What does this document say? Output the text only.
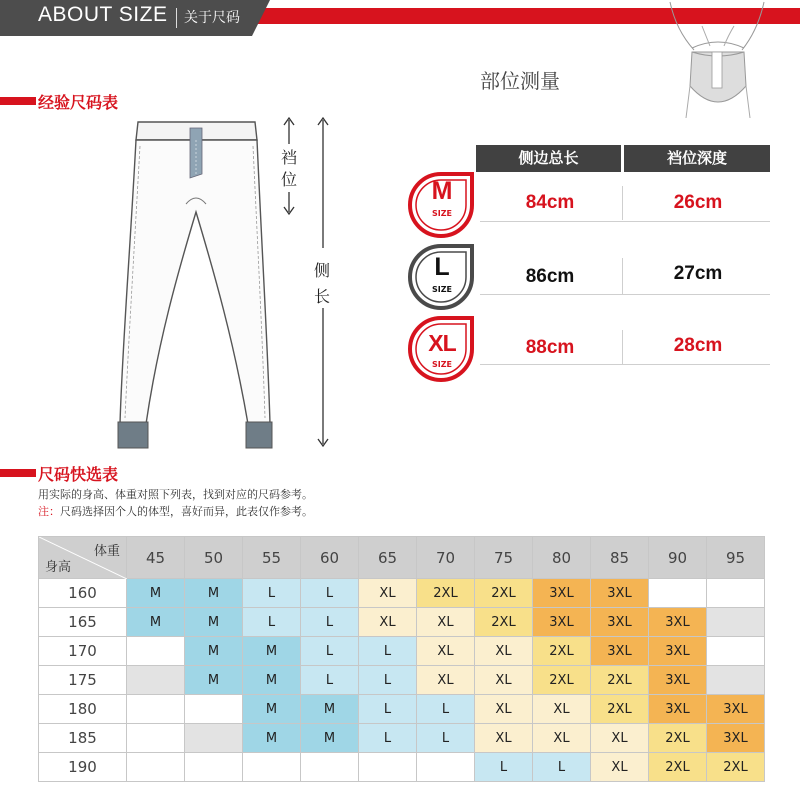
ABOUT SIZE 关于尺码
经验尺码表
裆
位
侧
长
部位测量
侧边总长	裆位深度
M
SIZE
84cm	26cm
L
SIZE
86cm	27cm
XL
SIZE
88cm	28cm
尺码快选表
用实际的身高、体重对照下列表，找到对应的尺码参考。
注：尺码选择因个人的体型，喜好而异，此表仅作参考。
体重
身高	45	50	55	60	65	70	75	80	85	90	95
160	M	M	L	L	XL	2XL	2XL	3XL	3XL		
165	M	M	L	L	XL	XL	2XL	3XL	3XL	3XL	
170		M	M	L	L	XL	XL	2XL	3XL	3XL	
175		M	M	L	L	XL	XL	2XL	2XL	3XL	
180			M	M	L	L	XL	XL	2XL	3XL	3XL
185			M	M	L	L	XL	XL	XL	2XL	3XL
190							L	L	XL	2XL	2XL
